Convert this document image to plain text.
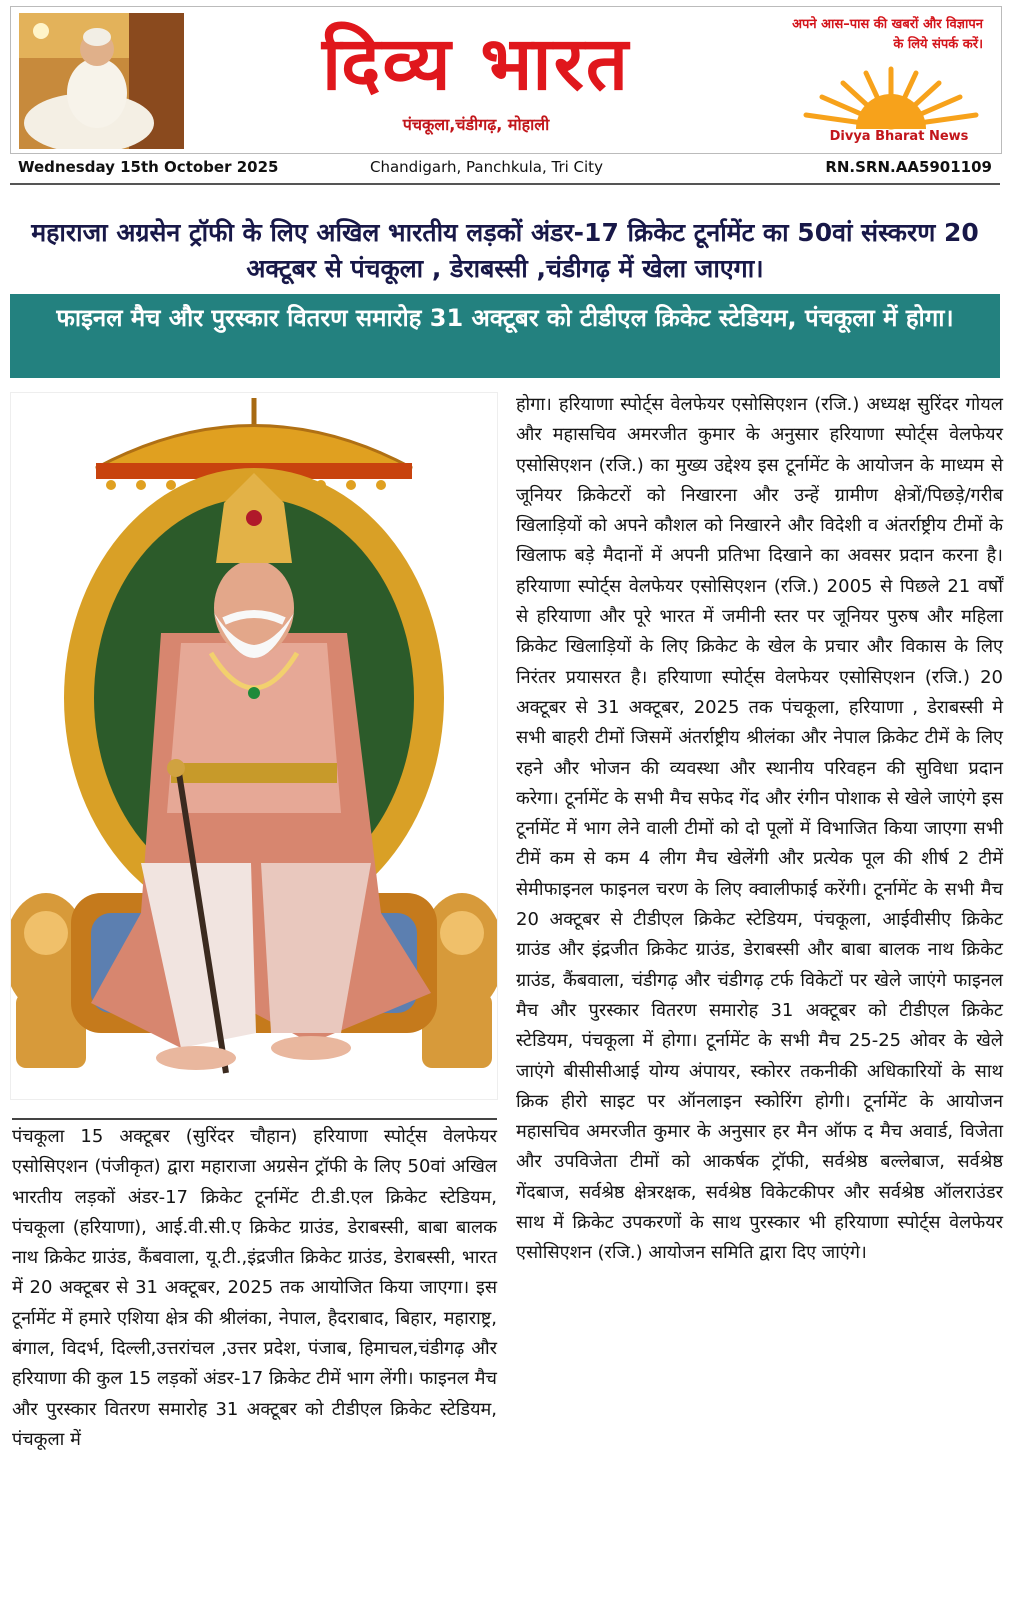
दिव्य भारत
पंचकूला,चंडीगढ़, मोहाली
अपने आस–पास की खबरों और विज्ञापन के लिये संपर्क करें।
Divya Bharat News
Wednesday 15th October 2025	Chandigarh, Panchkula, Tri City	RN.SRN.AA5901109
महाराजा अग्रसेन ट्रॉफी के लिए अखिल भारतीय लड़कों अंडर-17 क्रिकेट टूर्नामेंट का 50वां संस्करण 20 अक्टूबर से पंचकूला , डेराबस्सी ,चंडीगढ़ में खेला जाएगा।
फाइनल मैच और पुरस्कार वितरण समारोह 31 अक्टूबर को टीडीएल क्रिकेट स्टेडियम, पंचकूला में होगा।
पंचकूला 15 अक्टूबर (सुरिंदर चौहान) हरियाणा स्पोर्ट्स वेलफेयर एसोसिएशन (पंजीकृत) द्वारा महाराजा अग्रसेन ट्रॉफी के लिए 50वां अखिल भारतीय लड़कों अंडर-17 क्रिकेट टूर्नामेंट टी.डी.एल क्रिकेट स्टेडियम, पंचकूला (हरियाणा), आई.वी.सी.ए क्रिकेट ग्राउंड, डेराबस्सी, बाबा बालक नाथ क्रिकेट ग्राउंड, कैंबवाला, यू.टी.,इंद्रजीत क्रिकेट ग्राउंड, डेराबस्सी, भारत में 20 अक्टूबर से 31 अक्टूबर, 2025 तक आयोजित किया जाएगा। इस टूर्नामेंट में हमारे एशिया क्षेत्र की श्रीलंका, नेपाल, हैदराबाद, बिहार, महाराष्ट्र, बंगाल, विदर्भ, दिल्ली,उत्तरांचल ,उत्तर प्रदेश, पंजाब, हिमाचल,चंडीगढ़ और हरियाणा की कुल 15 लड़कों अंडर-17 क्रिकेट टीमें भाग लेंगी। फाइनल मैच और पुरस्कार वितरण समारोह 31 अक्टूबर को टीडीएल क्रिकेट स्टेडियम, पंचकूला में
होगा। हरियाणा स्पोर्ट्स वेलफेयर एसोसिएशन (रजि.) अध्यक्ष सुरिंदर गोयल और महासचिव अमरजीत कुमार के अनुसार हरियाणा स्पोर्ट्स वेलफेयर एसोसिएशन (रजि.) का मुख्य उद्देश्य इस टूर्नामेंट के आयोजन के माध्यम से जूनियर क्रिकेटरों को निखारना और उन्हें ग्रामीण क्षेत्रों/पिछड़े/गरीब खिलाड़ियों को अपने कौशल को निखारने और विदेशी व अंतर्राष्ट्रीय टीमों के खिलाफ बड़े मैदानों में अपनी प्रतिभा दिखाने का अवसर प्रदान करना है। हरियाणा स्पोर्ट्स वेलफेयर एसोसिएशन (रजि.) 2005 से पिछले 21 वर्षों से हरियाणा और पूरे भारत में जमीनी स्तर पर जूनियर पुरुष और महिला क्रिकेट खिलाड़ियों के लिए क्रिकेट के खेल के प्रचार और विकास के लिए निरंतर प्रयासरत है। हरियाणा स्पोर्ट्स वेलफेयर एसोसिएशन (रजि.) 20 अक्टूबर से 31 अक्टूबर, 2025 तक पंचकूला, हरियाणा , डेराबस्सी मे सभी बाहरी टीमों जिसमें अंतर्राष्ट्रीय श्रीलंका और नेपाल क्रिकेट टीमें के लिए रहने और भोजन की व्यवस्था और स्थानीय परिवहन की सुविधा प्रदान करेगा। टूर्नामेंट के सभी मैच सफेद गेंद और रंगीन पोशाक से खेले जाएंगे इस टूर्नामेंट में भाग लेने वाली टीमों को दो पूलों में विभाजित किया जाएगा सभी टीमें कम से कम 4 लीग मैच खेलेंगी और प्रत्येक पूल की शीर्ष 2 टीमें सेमीफाइनल फाइनल चरण के लिए क्वालीफाई करेंगी। टूर्नामेंट के सभी मैच 20 अक्टूबर से टीडीएल क्रिकेट स्टेडियम, पंचकूला, आईवीसीए क्रिकेट ग्राउंड और इंद्रजीत क्रिकेट ग्राउंड, डेराबस्सी और बाबा बालक नाथ क्रिकेट ग्राउंड, कैंबवाला, चंडीगढ़ और चंडीगढ़ टर्फ विकेटों पर खेले जाएंगे फाइनल मैच और पुरस्कार वितरण समारोह 31 अक्टूबर को टीडीएल क्रिकेट स्टेडियम, पंचकूला में होगा। टूर्नामेंट के सभी मैच 25-25 ओवर के खेले जाएंगे बीसीसीआई योग्य अंपायर, स्कोरर तकनीकी अधिकारियों के साथ क्रिक हीरो साइट पर ऑनलाइन स्कोरिंग होगी। टूर्नामेंट के आयोजन महासचिव अमरजीत कुमार के अनुसार हर मैन ऑफ द मैच अवार्ड, विजेता और उपविजेता टीमों को आकर्षक ट्रॉफी, सर्वश्रेष्ठ बल्लेबाज, सर्वश्रेष्ठ गेंदबाज, सर्वश्रेष्ठ क्षेत्ररक्षक, सर्वश्रेष्ठ विकेटकीपर और सर्वश्रेष्ठ ऑलराउंडर साथ में क्रिकेट उपकरणों के साथ पुरस्कार भी हरियाणा स्पोर्ट्स वेलफेयर एसोसिएशन (रजि.) आयोजन समिति द्वारा दिए जाएंगे।
